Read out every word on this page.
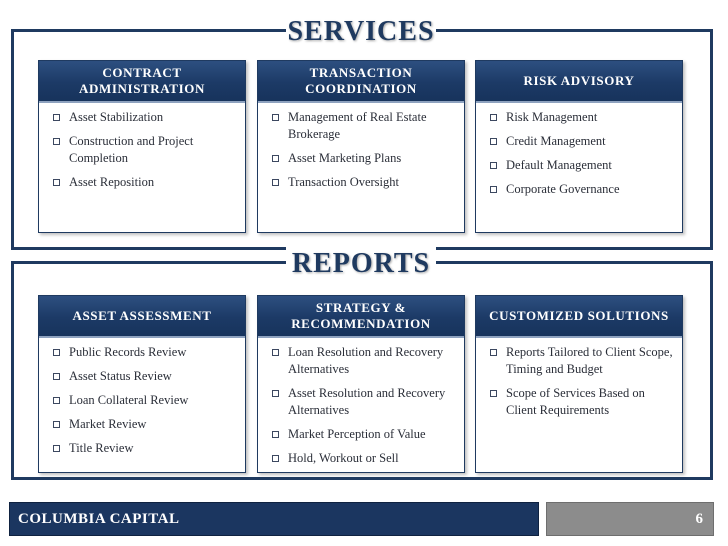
SERVICES
CONTRACT
ADMINISTRATION
Asset Stabilization
Construction and Project Completion
Asset Reposition
TRANSACTION
COORDINATION
Management of Real Estate Brokerage
Asset Marketing Plans
Transaction Oversight
RISK ADVISORY
Risk Management
Credit Management
Default Management
Corporate Governance
REPORTS
ASSET ASSESSMENT
Public Records Review
Asset Status Review
Loan Collateral Review
Market Review
Title Review
STRATEGY &
RECOMMENDATION
Loan Resolution and Recovery Alternatives
Asset Resolution and Recovery Alternatives
Market Perception of Value
Hold, Workout or Sell
CUSTOMIZED SOLUTIONS
Reports Tailored to Client Scope, Timing and Budget
Scope of Services Based on Client Requirements
COLUMBIA CAPITAL	6
